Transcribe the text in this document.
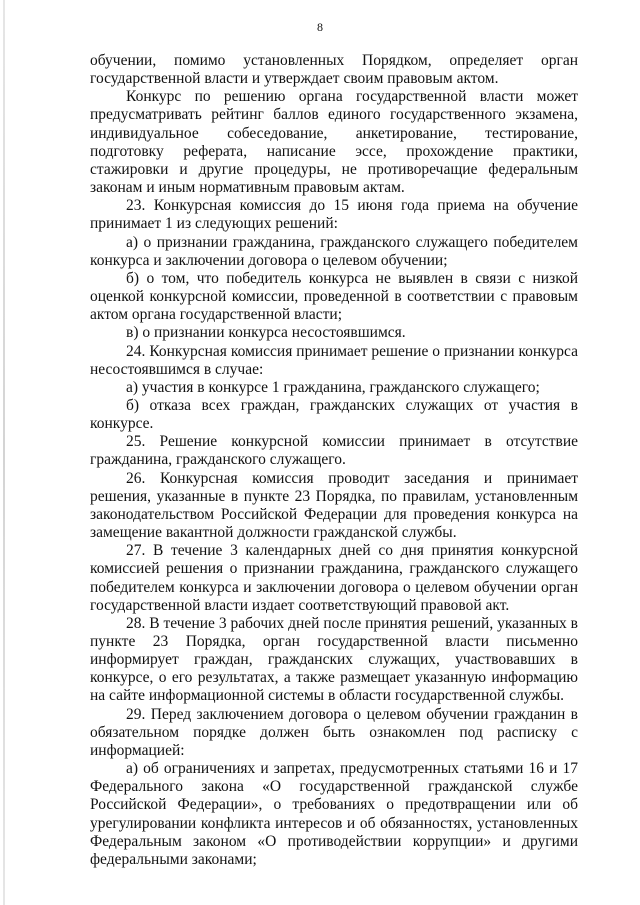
8

обучении, помимо установленных Порядком, определяет орган государственной власти и утверждает своим правовым актом.

Конкурс по решению органа государственной власти может предусматривать рейтинг баллов единого государственного экзамена, индивидуальное собеседование, анкетирование, тестирование, подготовку реферата, написание эссе, прохождение практики, стажировки и другие процедуры, не противоречащие федеральным законам и иным нормативным правовым актам.

23. Конкурсная комиссия до 15 июня года приема на обучение принимает 1 из следующих решений:

а) о признании гражданина, гражданского служащего победителем конкурса и заключении договора о целевом обучении;

б) о том, что победитель конкурса не выявлен в связи с низкой оценкой конкурсной комиссии, проведенной в соответствии с правовым актом органа государственной власти;

в) о признании конкурса несостоявшимся.

24. Конкурсная комиссия принимает решение о признании конкурса несостоявшимся в случае:

а) участия в конкурсе 1 гражданина, гражданского служащего;

б) отказа всех граждан, гражданских служащих от участия в конкурсе.

25. Решение конкурсной комиссии принимает в отсутствие гражданина, гражданского служащего.

26. Конкурсная комиссия проводит заседания и принимает решения, указанные в пункте 23 Порядка, по правилам, установленным законодательством Российской Федерации для проведения конкурса на замещение вакантной должности гражданской службы.

27. В течение 3 календарных дней со дня принятия конкурсной комиссией решения о признании гражданина, гражданского служащего победителем конкурса и заключении договора о целевом обучении орган государственной власти издает соответствующий правовой акт.

28. В течение 3 рабочих дней после принятия решений, указанных в пункте 23 Порядка, орган государственной власти письменно информирует граждан, гражданских служащих, участвовавших в конкурсе, о его результатах, а также размещает указанную информацию на сайте информационной системы в области государственной службы.

29. Перед заключением договора о целевом обучении гражданин в обязательном порядке должен быть ознакомлен под расписку с информацией:

а) об ограничениях и запретах, предусмотренных статьями 16 и 17 Федерального закона «О государственной гражданской службе Российской Федерации», о требованиях о предотвращении или об урегулировании конфликта интересов и об обязанностях, установленных Федеральным законом «О противодействии коррупции» и другими федеральными законами;
